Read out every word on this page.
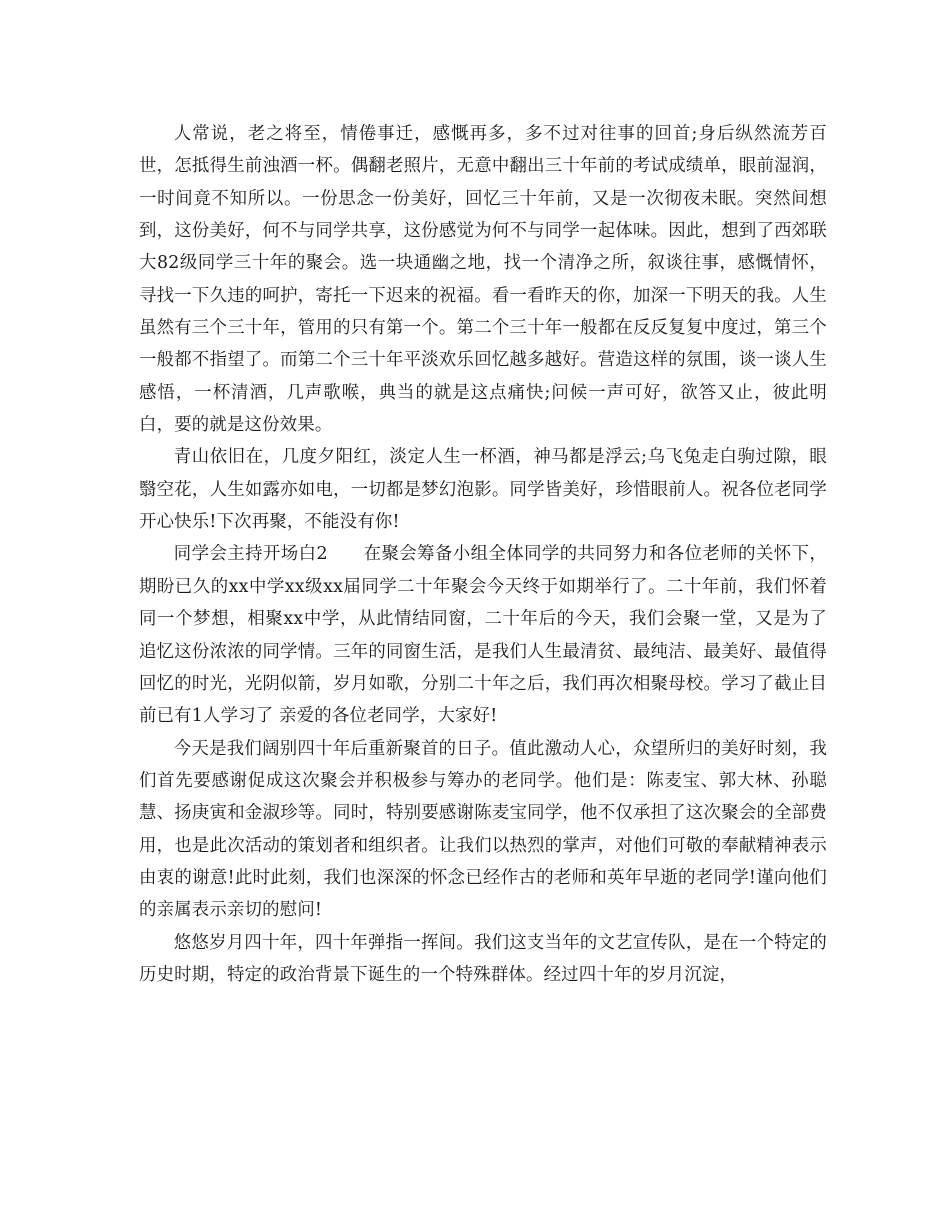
人常说，老之将至，情倦事迁，感慨再多，多不过对往事的回首;身后纵然流芳百世，怎抵得生前浊酒一杯。偶翻老照片，无意中翻出三十年前的考试成绩单，眼前湿润，一时间竟不知所以。一份思念一份美好，回忆三十年前，又是一次彻夜未眠。突然间想到，这份美好，何不与同学共享，这份感觉为何不与同学一起体味。因此，想到了西郊联大82级同学三十年的聚会。选一块通幽之地，找一个清净之所，叙谈往事，感慨情怀，寻找一下久违的呵护，寄托一下迟来的祝福。看一看昨天的你，加深一下明天的我。人生虽然有三个三十年，管用的只有第一个。第二个三十年一般都在反反复复中度过，第三个一般都不指望了。而第二个三十年平淡欢乐回忆越多越好。营造这样的氛围，谈一谈人生感悟，一杯清酒，几声歌喉，典当的就是这点痛快;问候一声可好，欲答又止，彼此明白，要的就是这份效果。

青山依旧在，几度夕阳红，淡定人生一杯酒，神马都是浮云;乌飞兔走白驹过隙，眼翳空花，人生如露亦如电，一切都是梦幻泡影。同学皆美好，珍惜眼前人。祝各位老同学开心快乐!下次再聚，不能没有你!

同学会主持开场白2　　在聚会筹备小组全体同学的共同努力和各位老师的关怀下，期盼已久的xx中学xx级xx届同学二十年聚会今天终于如期举行了。二十年前，我们怀着同一个梦想，相聚xx中学，从此情结同窗，二十年后的今天，我们会聚一堂，又是为了追忆这份浓浓的同学情。三年的同窗生活，是我们人生最清贫、最纯洁、最美好、最值得回忆的时光，光阴似箭，岁月如歌，分别二十年之后，我们再次相聚母校。学习了截止目前已有1人学习了 亲爱的各位老同学，大家好!

今天是我们阔别四十年后重新聚首的日子。值此激动人心，众望所归的美好时刻，我们首先要感谢促成这次聚会并积极参与筹办的老同学。他们是：陈麦宝、郭大林、孙聪慧、扬庚寅和金淑珍等。同时，特别要感谢陈麦宝同学，他不仅承担了这次聚会的全部费用，也是此次活动的策划者和组织者。让我们以热烈的掌声，对他们可敬的奉献精神表示由衷的谢意!此时此刻，我们也深深的怀念已经作古的老师和英年早逝的老同学!谨向他们的亲属表示亲切的慰问!

悠悠岁月四十年，四十年弹指一挥间。我们这支当年的文艺宣传队，是在一个特定的历史时期，特定的政治背景下诞生的一个特殊群体。经过四十年的岁月沉淀，
